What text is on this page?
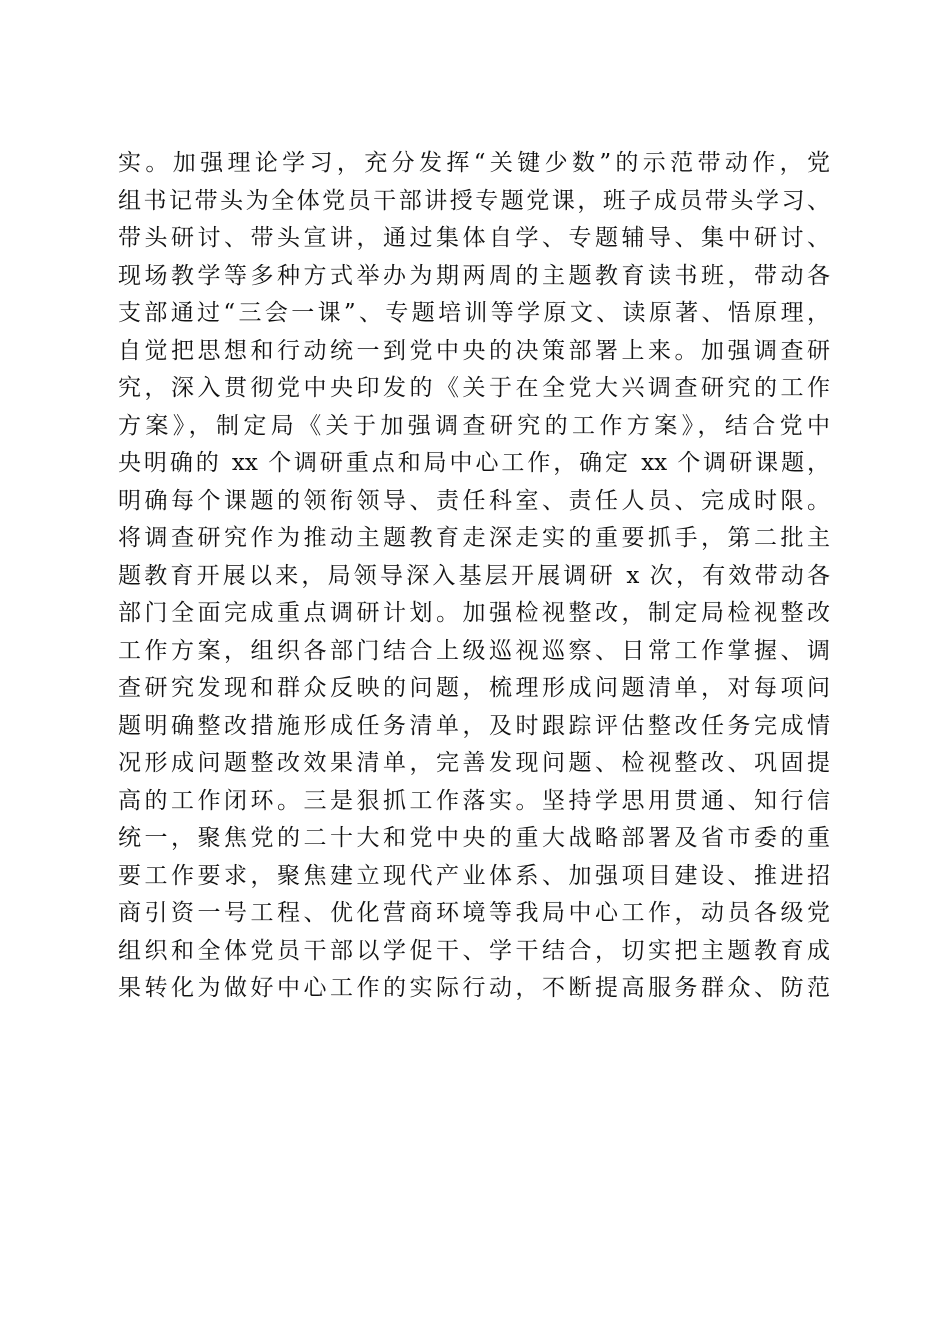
实。加强理论学习，充分发挥“关键少数”的示范带动作，党
组书记带头为全体党员干部讲授专题党课，班子成员带头学习、
带头研讨、带头宣讲，通过集体自学、专题辅导、集中研讨、
现场教学等多种方式举办为期两周的主题教育读书班，带动各
支部通过“三会一课”、专题培训等学原文、读原著、悟原理，
自觉把思想和行动统一到党中央的决策部署上来。加强调查研
究，深入贯彻党中央印发的《关于在全党大兴调查研究的工作
方案》，制定局《关于加强调查研究的工作方案》，结合党中
央明确的 xx 个调研重点和局中心工作，确定 xx 个调研课题，
明确每个课题的领衔领导、责任科室、责任人员、完成时限。
将调查研究作为推动主题教育走深走实的重要抓手，第二批主
题教育开展以来，局领导深入基层开展调研 x 次，有效带动各
部门全面完成重点调研计划。加强检视整改，制定局检视整改
工作方案，组织各部门结合上级巡视巡察、日常工作掌握、调
查研究发现和群众反映的问题，梳理形成问题清单，对每项问
题明确整改措施形成任务清单，及时跟踪评估整改任务完成情
况形成问题整改效果清单，完善发现问题、检视整改、巩固提
高的工作闭环。三是狠抓工作落实。坚持学思用贯通、知行信
统一，聚焦党的二十大和党中央的重大战略部署及省市委的重
要工作要求，聚焦建立现代产业体系、加强项目建设、推进招
商引资一号工程、优化营商环境等我局中心工作，动员各级党
组织和全体党员干部以学促干、学干结合，切实把主题教育成
果转化为做好中心工作的实际行动，不断提高服务群众、防范
